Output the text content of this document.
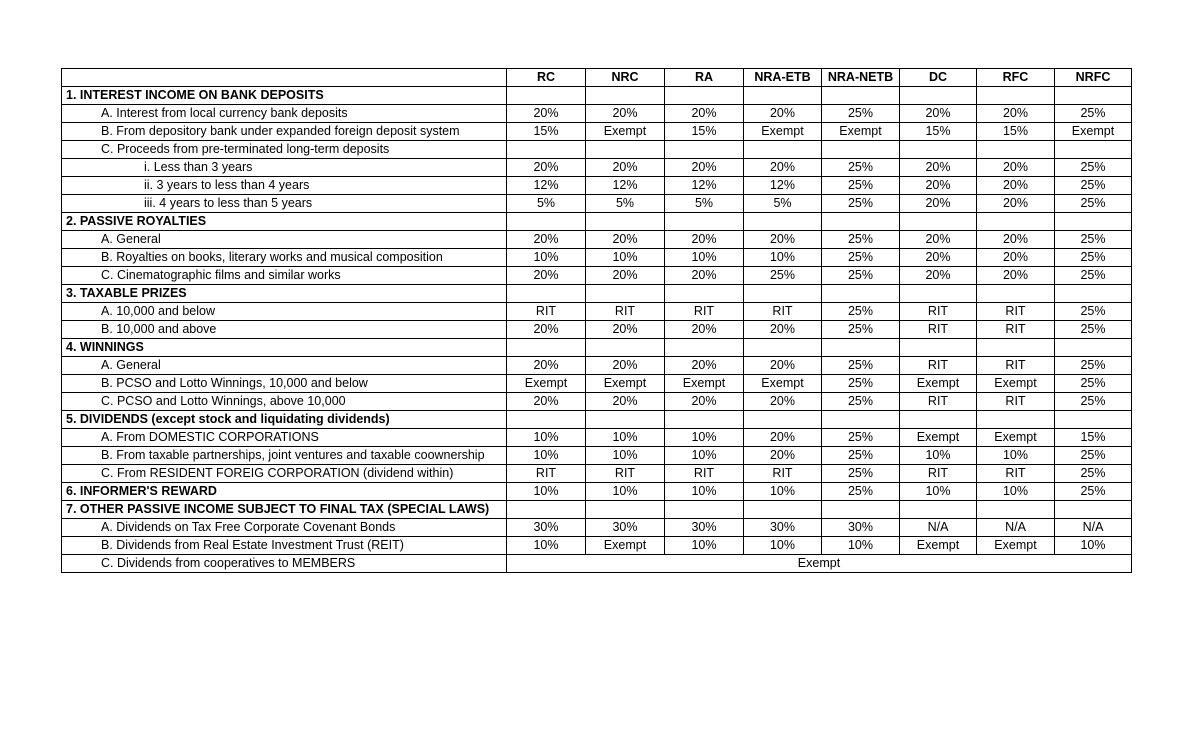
	RC	NRC	RA	NRA-ETB	NRA-NETB	DC	RFC	NRFC
1. INTEREST INCOME ON BANK DEPOSITS								
A. Interest from local currency bank deposits	20%	20%	20%	20%	25%	20%	20%	25%
B. From depository bank under expanded foreign deposit system	15%	Exempt	15%	Exempt	Exempt	15%	15%	Exempt
C. Proceeds from pre-terminated long-term deposits								
i. Less than 3 years	20%	20%	20%	20%	25%	20%	20%	25%
ii. 3 years to less than 4 years	12%	12%	12%	12%	25%	20%	20%	25%
iii. 4 years to less than 5 years	5%	5%	5%	5%	25%	20%	20%	25%
2. PASSIVE ROYALTIES								
A. General	20%	20%	20%	20%	25%	20%	20%	25%
B. Royalties on books, literary works and musical composition	10%	10%	10%	10%	25%	20%	20%	25%
C. Cinematographic films and similar works	20%	20%	20%	25%	25%	20%	20%	25%
3. TAXABLE PRIZES								
A. 10,000 and below	RIT	RIT	RIT	RIT	25%	RIT	RIT	25%
B. 10,000 and above	20%	20%	20%	20%	25%	RIT	RIT	25%
4. WINNINGS								
A. General	20%	20%	20%	20%	25%	RIT	RIT	25%
B. PCSO and Lotto Winnings, 10,000 and below	Exempt	Exempt	Exempt	Exempt	25%	Exempt	Exempt	25%
C. PCSO and Lotto Winnings, above 10,000	20%	20%	20%	20%	25%	RIT	RIT	25%
5. DIVIDENDS (except stock and liquidating dividends)								
A. From DOMESTIC CORPORATIONS	10%	10%	10%	20%	25%	Exempt	Exempt	15%
B. From taxable partnerships, joint ventures and taxable coownership	10%	10%	10%	20%	25%	10%	10%	25%
C. From RESIDENT FOREIG CORPORATION (dividend within)	RIT	RIT	RIT	RIT	25%	RIT	RIT	25%
6. INFORMER'S REWARD	10%	10%	10%	10%	25%	10%	10%	25%
7. OTHER PASSIVE INCOME SUBJECT TO FINAL TAX (SPECIAL LAWS)								
A. Dividends on Tax Free Corporate Covenant Bonds	30%	30%	30%	30%	30%	N/A	N/A	N/A
B. Dividends from Real Estate Investment Trust (REIT)	10%	Exempt	10%	10%	10%	Exempt	Exempt	10%
C. Dividends from cooperatives to MEMBERS	Exempt							
